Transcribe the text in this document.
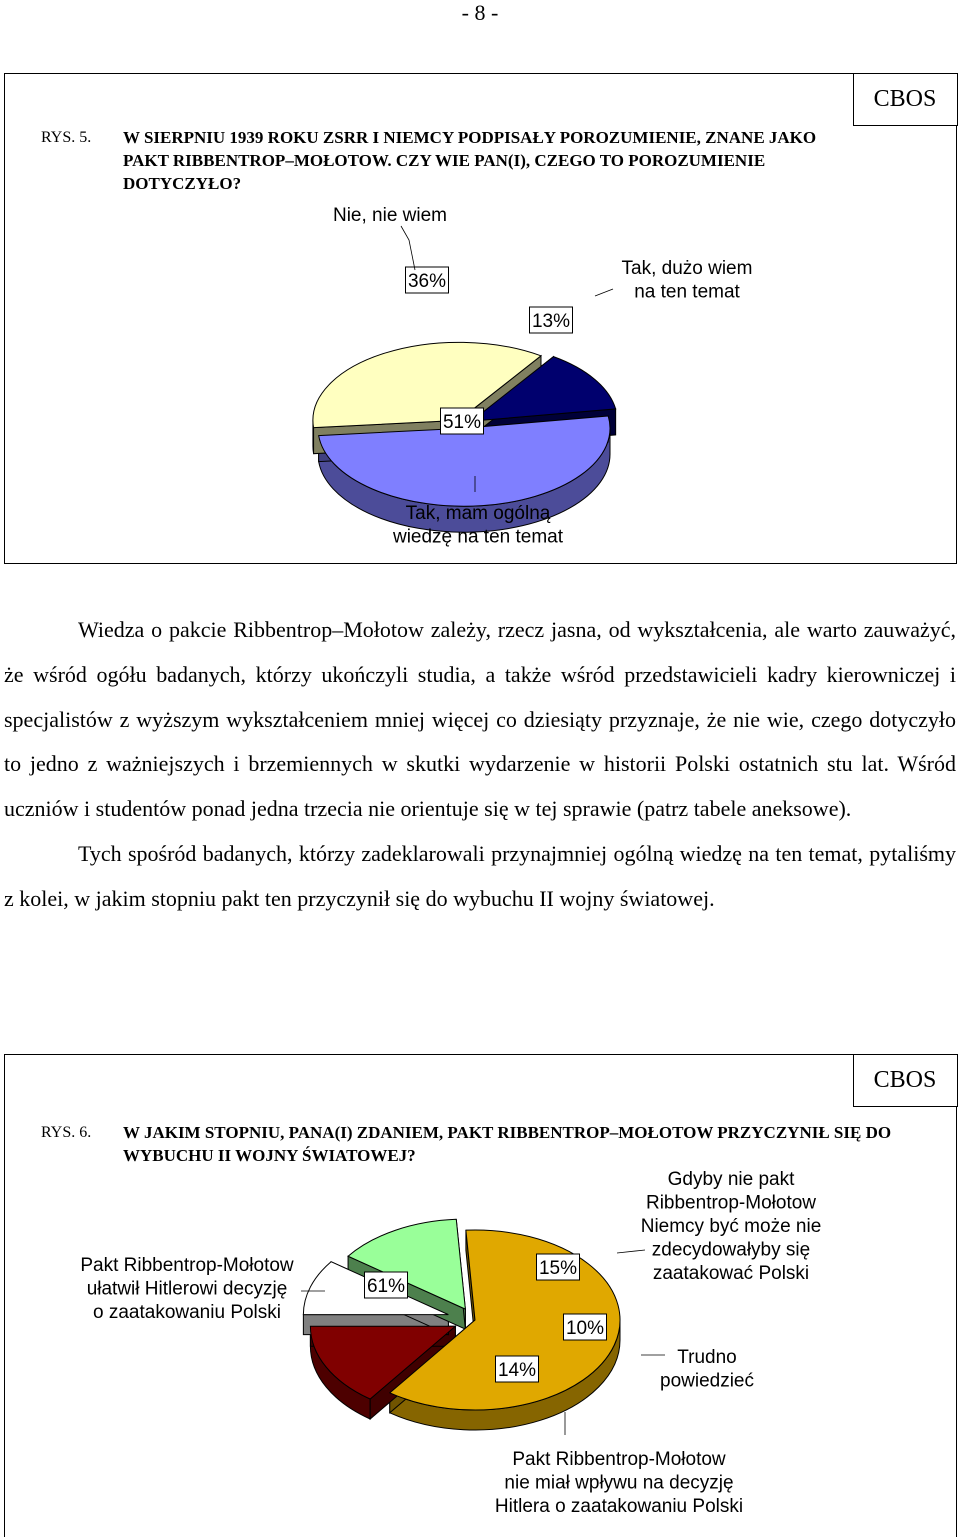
- 8 -
CBOS
RYS. 5. W SIERPNIU 1939 ROKU ZSRR I NIEMCY PODPISAŁY POROZUMIENIE, ZNANE JAKO PAKT RIBBENTROP–MOŁOTOW. CZY WIE PAN(I), CZEGO TO POROZUMIENIE DOTYCZYŁO?
13%
51%
36%
Tak, dużo wiem na ten temat
Tak, mam ogólną wiedzę na ten temat
Nie, nie wiem

Wiedza o pakcie Ribbentrop–Mołotow zależy, rzecz jasna, od wykształcenia, ale warto zauważyć, że wśród ogółu badanych, którzy ukończyli studia, a także wśród przedstawicieli kadry kierowniczej i specjalistów z wyższym wykształceniem mniej więcej co dziesiąty przyznaje, że nie wie, czego dotyczyło to jedno z ważniejszych i brzemiennych w skutki wydarzenie w historii Polski ostatnich stu lat. Wśród uczniów i studentów ponad jedna trzecia nie orientuje się w tej sprawie (patrz tabele aneksowe).

Tych spośród badanych, którzy zadeklarowali przynajmniej ogólną wiedzę na ten temat, pytaliśmy z kolei, w jakim stopniu pakt ten przyczynił się do wybuchu II wojny światowej.

CBOS
RYS. 6. W JAKIM STOPNIU, PANA(I) ZDANIEM, PAKT RIBBENTROP–MOŁOTOW PRZYCZYNIŁ SIĘ DO WYBUCHU II WOJNY ŚWIATOWEJ?
61%
15%
10%
14%
Pakt Ribbentrop-Mołotow ułatwił Hitlerowi decyzję o zaatakowaniu Polski
Gdyby nie pakt Ribbentrop-Mołotow Niemcy być może nie zdecydowałyby się zaatakować Polski
Trudno powiedzieć
Pakt Ribbentrop-Mołotow nie miał wpływu na decyzję Hitlera o zaatakowaniu Polski
